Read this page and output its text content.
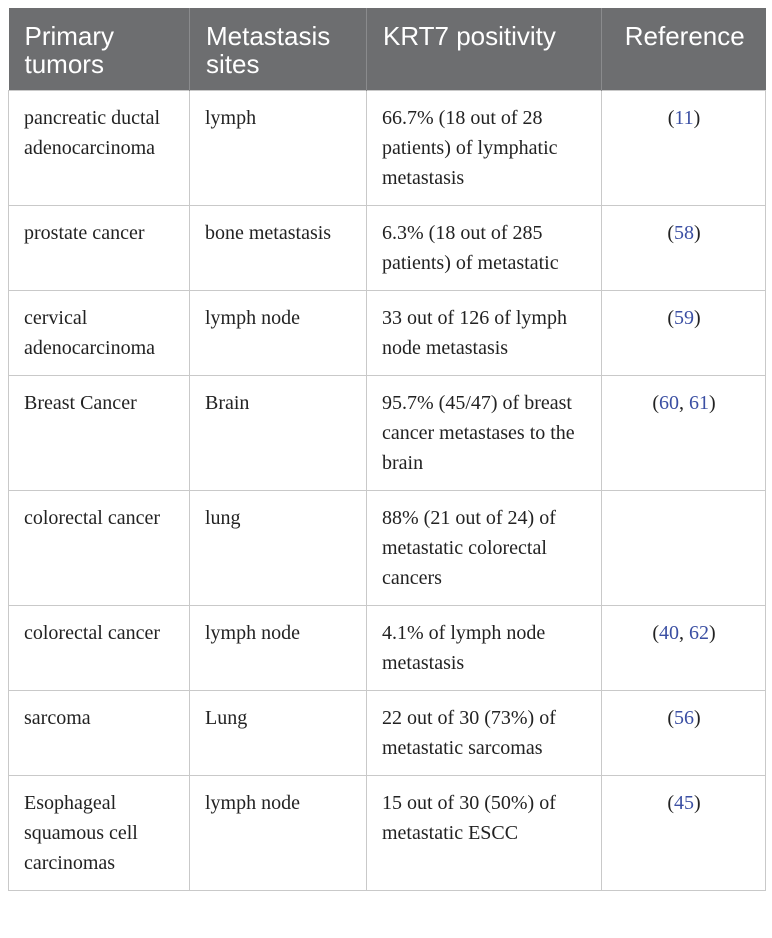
Primary tumors	Metastasis sites	KRT7 positivity	Reference
pancreatic ductal adenocarcinoma	lymph	66.7% (18 out of 28 patients) of lymphatic metastasis	(11)
prostate cancer	bone metastasis	6.3% (18 out of 285 patients) of metastatic	(58)
cervical adenocarcinoma	lymph node	33 out of 126 of lymph node metastasis	(59)
Breast Cancer	Brain	95.7% (45/47) of breast cancer metastases to the brain	(60, 61)
colorectal cancer	lung	88% (21 out of 24) of metastatic colorectal cancers	
colorectal cancer	lymph node	4.1% of lymph node metastasis	(40, 62)
sarcoma	Lung	22 out of 30 (73%) of metastatic sarcomas	(56)
Esophageal squamous cell carcinomas	lymph node	15 out of 30 (50%) of metastatic ESCC	(45)
